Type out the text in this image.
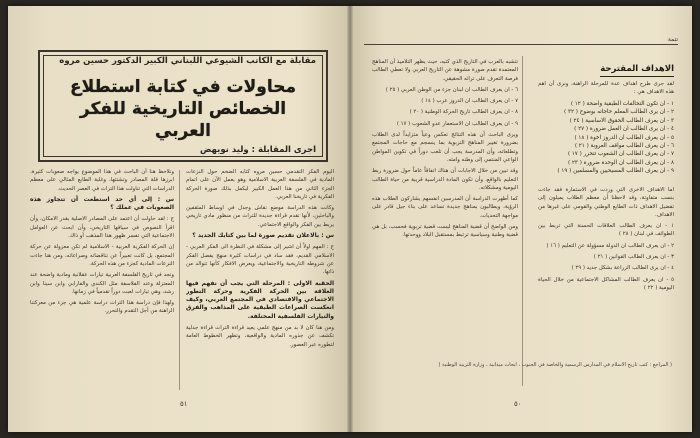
مقابلة مع الكاتب الشيوعي اللبناني الكبير الدكتور حسين مروه
محاولات في كتابة استطلاع
الخصائص التاريخية للفكر العربي
اجرى المقابلة : وليد نويهض

اليوم الفكر التقدمي حسين مروه كتابه الضخم حول النزعات المادية في الفلسفة العربية الاسلامية وهو يعمل الآن على اتمام الجزء الثاني من هذا العمل الكبير ليكمل بذلك صورة الحركة الفكرية في تاريخنا العربي.

وكانت هذه الدراسة موضع نقاش وجدل في اوساط المثقفين والباحثين، لأنها تقدم قراءة جديدة للتراث من منظور مادي تاريخي يربط بين الفكر والواقع الاجتماعي.

س : بالاعلان تقديم صورة لما بين كتابك الجديد ؟

ج : المهم اولاً أن اشير إلى مشكلة في النظرة الى الفكر العربي - الاسلامي القديم، فقد ساد في دراسات كثيرة منهج يفصل الفكر عن شروطه التاريخية والاجتماعية، ويعرض الافكار كأنها تتوالد من ذاتها.

الحقبة الاولى : المرحلة التي يجب أن نفهم فيها العلاقة بين الحركة الفكرية وحركة التطور الاجتماعي والاقتصادي في المجتمع العربي، وكيف انعكست الصراعات الطبقية على المذاهب والفرق والتيارات الفلسفية المختلفة.

ومن هنا كان لا بد من منهج علمي يعيد قراءة التراث قراءة جدلية تكشف عن جذوره المادية والواقعية، وتظهر الخطوط العامة لتطوره عبر العصور.

ونلاحظ هنا أن الباحث في هذا الموضوع يواجه صعوبات كثيرة، ابرزها قلة المصادر وتشتتها، وغلبة الطابع المثالي على معظم الدراسات التي تناولت هذا التراث في العصر الحديث.

س : إلى أي حد استطعت أن تتجاوز هذه الصعوبات في عملك ؟

ج : لقد حاولت أن اعتمد على المصادر الاصلية بقدر الامكان، وأن اقرأ النصوص في سياقها التاريخي، وأن ابحث عن العوامل الاجتماعية التي تفسر ظهور هذا المذهب أو ذاك.

إن الحركة الفكرية العربية - الاسلامية لم تكن معزولة عن حركة المجتمع، بل كانت تعبيراً عن تناقضاته وصراعاته، ومن هنا جاءت النزعات المادية كجزء من هذه الحركة.

ونجد في تاريخ الفلسفة العربية تيارات عقلانية ومادية واضحة عند المعتزلة وعند الفلاسفة مثل الكندي والفارابي وابن سينا وابن رشد، وهي تيارات لعبت دوراً تقدمياً في زمانها.

ولهذا فإن دراسة هذا التراث دراسة علمية هي جزء من معركتنا الراهنة من أجل التقدم والتحرر.

٥١
تتمة
الاهداف المقترحة
لقد جرى طرح اهداف عدة للمرحلة الراهنة، ونرى أن اهم هذه الاهداف هي :
١ - ان تكون التحالفات الطبقية واضحة ( ١٢ )
٢ - ان يرى الطالب المعلم حاجاته بوضوح ( ٣٢ )
٣ - ان يعرف الطالب الحقوق الاساسية ( ٢٤ )
٤ - ان يرى الطالب ان العمل ضرورة ( ٢٧ )
٥ - ان يعرف الطالب ان الدروز اخوة ( ١٨ )
٦ - ان يعرف الطالب مواقف العروبة ( ٢١ )
٧ - ان يعرف الطالب ان الشعوب تتحرر ( ١٧ )
٨ - ان يعرف الطالب ان الوحدة ضرورة ( ٢٣ )
٩ - ان يعرف الطالب المسيحيين والمسلمين ( ١٩ )

اما الاهداف الاخرى التي وردت في الاستمارة فقد جاءت بنسب متفاوتة، وقد لاحظنا أن معظم الطلاب يميلون إلى تفضيل الاهداف ذات الطابع الوطني والقومي على غيرها من الاهداف.

١ - ان يعرف الطالب العلاقات الحسنة التي تربط بين الطوائف في لبنان ( ٢٨ )

٢ - ان يعرف الطالب ان الدولة مسؤولة عن التعليم ( ١٦ )

٣ - ان يعرف الطالب القوانين ( ٢١ )

٤ - ان يرى الطالب الزراعة بشكل جديد ( ٢٩ )

٥ - ان يعرف الطالب المشاكل الاجتماعية من خلال الحياة اليومية ( ٢٢ )

تتشبه بالعرب في التاريخ الذي كتبه، حيث يظهر التلاميذ أن المناهج المعتمدة تقدم صورة مشوهة عن التاريخ العربي ولا تعطي الطالب فرصة التعرف على تراثه الحقيقي.

٦ - ان يعرف الطالب ان لبنان جزء من الوطن العربي ( ٢٥ )

٧ - ان يعرف الطالب ان الدروز عرب ( ١٤ )

٨ - ان يعرف الطالب تاريخ الحركة الوطنية ( ٢٠ )

٩ - ان يعرف الطالب ان الاستعمار عدو الشعوب ( ١٧ )

ويرى الباحث أن هذه النتائج تعكس وعياً متزايداً لدى الطلاب بضرورة تغيير المناهج التربوية بما ينسجم مع حاجات المجتمع وتطلعاته، وأن المدرسة يجب أن تلعب دوراً في تكوين المواطن الواعي المنتمي إلى وطنه وامته.

وقد تبين من خلال الاجابات أن هناك اتفاقاً عاماً حول ضرورة ربط التعليم بالواقع، وأن تكون المادة الدراسية قريبة من حياة الطالب اليومية ومشكلاته.

كما أظهرت الدراسة أن المدرسين انفسهم يشاركون الطلاب هذه الرؤية، ويطالبون بمناهج جديدة تساعد على بناء جيل قادر على مواجهة التحديات.

ومن الواضح أن قضية المناهج ليست قضية تربوية فحسب، بل هي قضية وطنية وسياسية ترتبط بمستقبل البلاد ووحدتها.

( المراجع : كتب تاريخ الاسلام في المدارس الرسمية والخاصة في الجنوب ، ابحاث ميدانية ، وزارة التربية الوطنية )
٥٠
